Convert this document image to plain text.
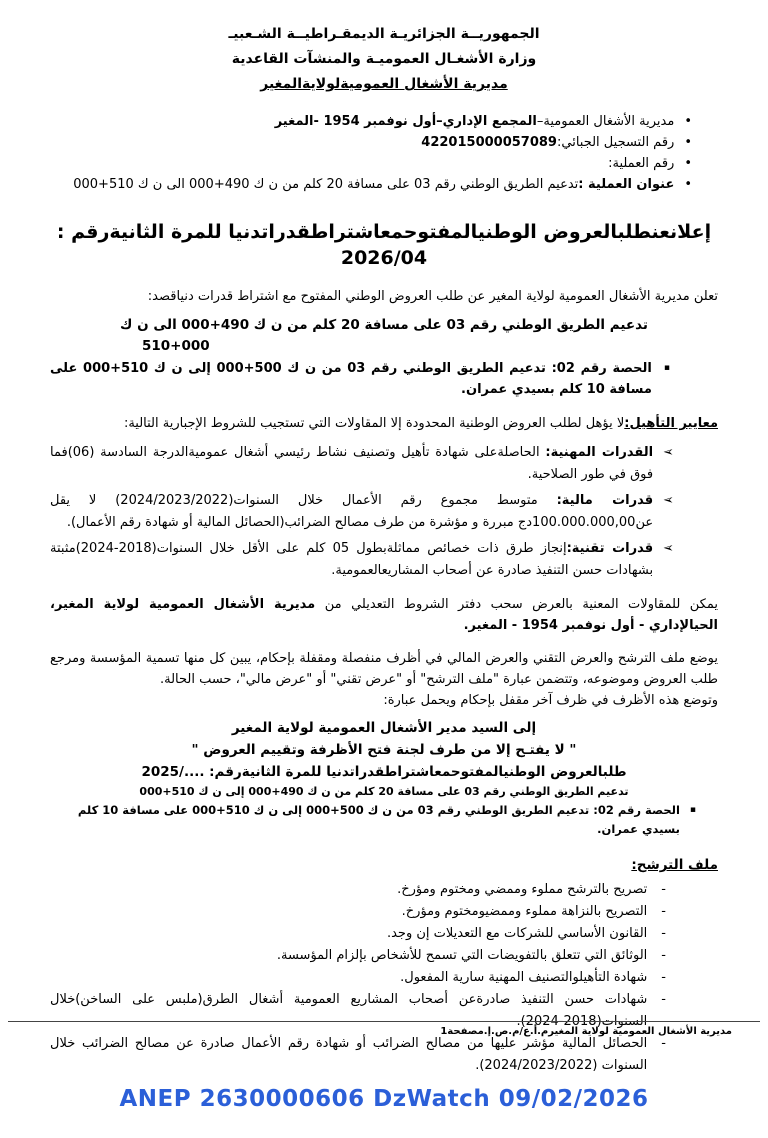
الجمهوريــة الجزائريـة الديمقـراطيــة الشـعبيـ
وزارة الأشغـال العموميـة والمنشآت القاعدية
مديرية الأشغال العموميةلولايةالمغير
•
مديرية الأشغال العمومية–المجمع الإداري–أول نوفمبر 1954 -المغير
•
رقم التسجيل الجبائي:422015000057089
•
رقم العملية:
•
عنوان العملية :تدعيم الطريق الوطني رقم 03 على مسافة 20 كلم من ن ك 490+000 الى ن ك 510+000
إعلانعنطلبالعروض الوطنيالمفتوحمعاشتراطقدراتدنيا للمرة الثانيةرقم : 2026/04
تعلن مديرية الأشغال العمومية لولاية المغير عن طلب العروض الوطني المفتوح مع اشتراط قدرات دنياقصد:
تدعيم الطريق الوطني رقم 03 على مسافة 20 كلم من ن ك 490+000 الى ن ك
510+000
▪
الحصة رقم 02: تدعيم الطريق الوطني رقم 03 من ن ك 500+000 إلى ن ك 510+000 على مسافة 10 كلم بسيدي عمران.
معايير التأهيل:لا يؤهل لطلب العروض الوطنية المحدودة إلا المقاولات التي تستجيب للشروط الإجبارية التالية:
➢
القدرات المهنية: الحاصلةعلى شهادة تأهيل وتصنيف نشاط رئيسي أشغال عموميةالدرجة السادسة (06)فما فوق في طور الصلاحية.
➢
قدرات مالية: متوسط مجموع رقم الأعمال خلال السنوات(2024/2023/2022) لا يقل عن100.000.000,00دج مبررة و مؤشرة من طرف مصالح الضرائب(الحصائل المالية أو شهادة رقم الأعمال).
➢
قدرات تقنية:إنجاز طرق ذات خصائص مماثلةبطول 05 كلم على الأقل خلال السنوات(2018-2024)مثبتة بشهادات حسن التنفيذ صادرة عن أصحاب المشاريعالعمومية.
يمكن للمقاولات المعنية بالعرض سحب دفتر الشروط التعديلي من مديرية الأشغال العمومية لولاية المغير، الحيالإداري - أول نوفمبر 1954 - المغير.
يوضع ملف الترشح والعرض التقني والعرض المالي في أظرف منفصلة ومقفلة بإحكام، يبين كل منها تسمية المؤسسة ومرجع طلب العروض وموضوعه، وتتضمن عبارة "ملف الترشح" أو "عرض تقني" أو "عرض مالي"، حسب الحالة.
وتوضع هذه الأظرف في ظرف آخر مقفل بإحكام ويحمل عبارة:
إلى السيد مدير الأشغال العمومية لولاية المغير
" لا يفتـح إلا من طرف لجنة فتح الأظرفة وتقييم العروض "
طلبالعروض الوطنيالمفتوحمعاشتراطقدراتدنيا للمرة الثانيةرقم: ..../2025
تدعيم الطريق الوطني رقم 03 على مسافة 20 كلم من ن ك 490+000 إلى ن ك 510+000
▪
الحصة رقم 02: تدعيم الطريق الوطني رقم 03 من ن ك 500+000 إلى ن ك 510+000 على مسافة 10 كلم بسيدي عمران.
ملف الترشح:
-
تصريح بالترشح مملوء وممضي ومختوم ومؤرخ.
-
التصريح بالنزاهة مملوء وممضيومختوم ومؤرخ.
-
القانون الأساسي للشركات مع التعديلات إن وجد.
-
الوثائق التي تتعلق بالتفويضات التي تسمح للأشخاص بإلزام المؤسسة.
-
شهادة التأهيلوالتصنيف المهنية سارية المفعول.
-
شهادات حسن التنفيذ صادرةعن أصحاب المشاريع العمومية أشغال الطرق(ملبس على الساخن)خلال السنوات(2018-2024).
-
الحصائل المالية مؤشر عليها من مصالح الضرائب أو شهادة رقم الأعمال صادرة عن مصالح الضرائب خلال السنوات (2024/2023/2022).
مديرية الأشغال العمومية لولاية المغيرم.أ.ع/م.ص.إ.مصفحة1
ANEP 2630000606 DzWatch 09/02/2026
